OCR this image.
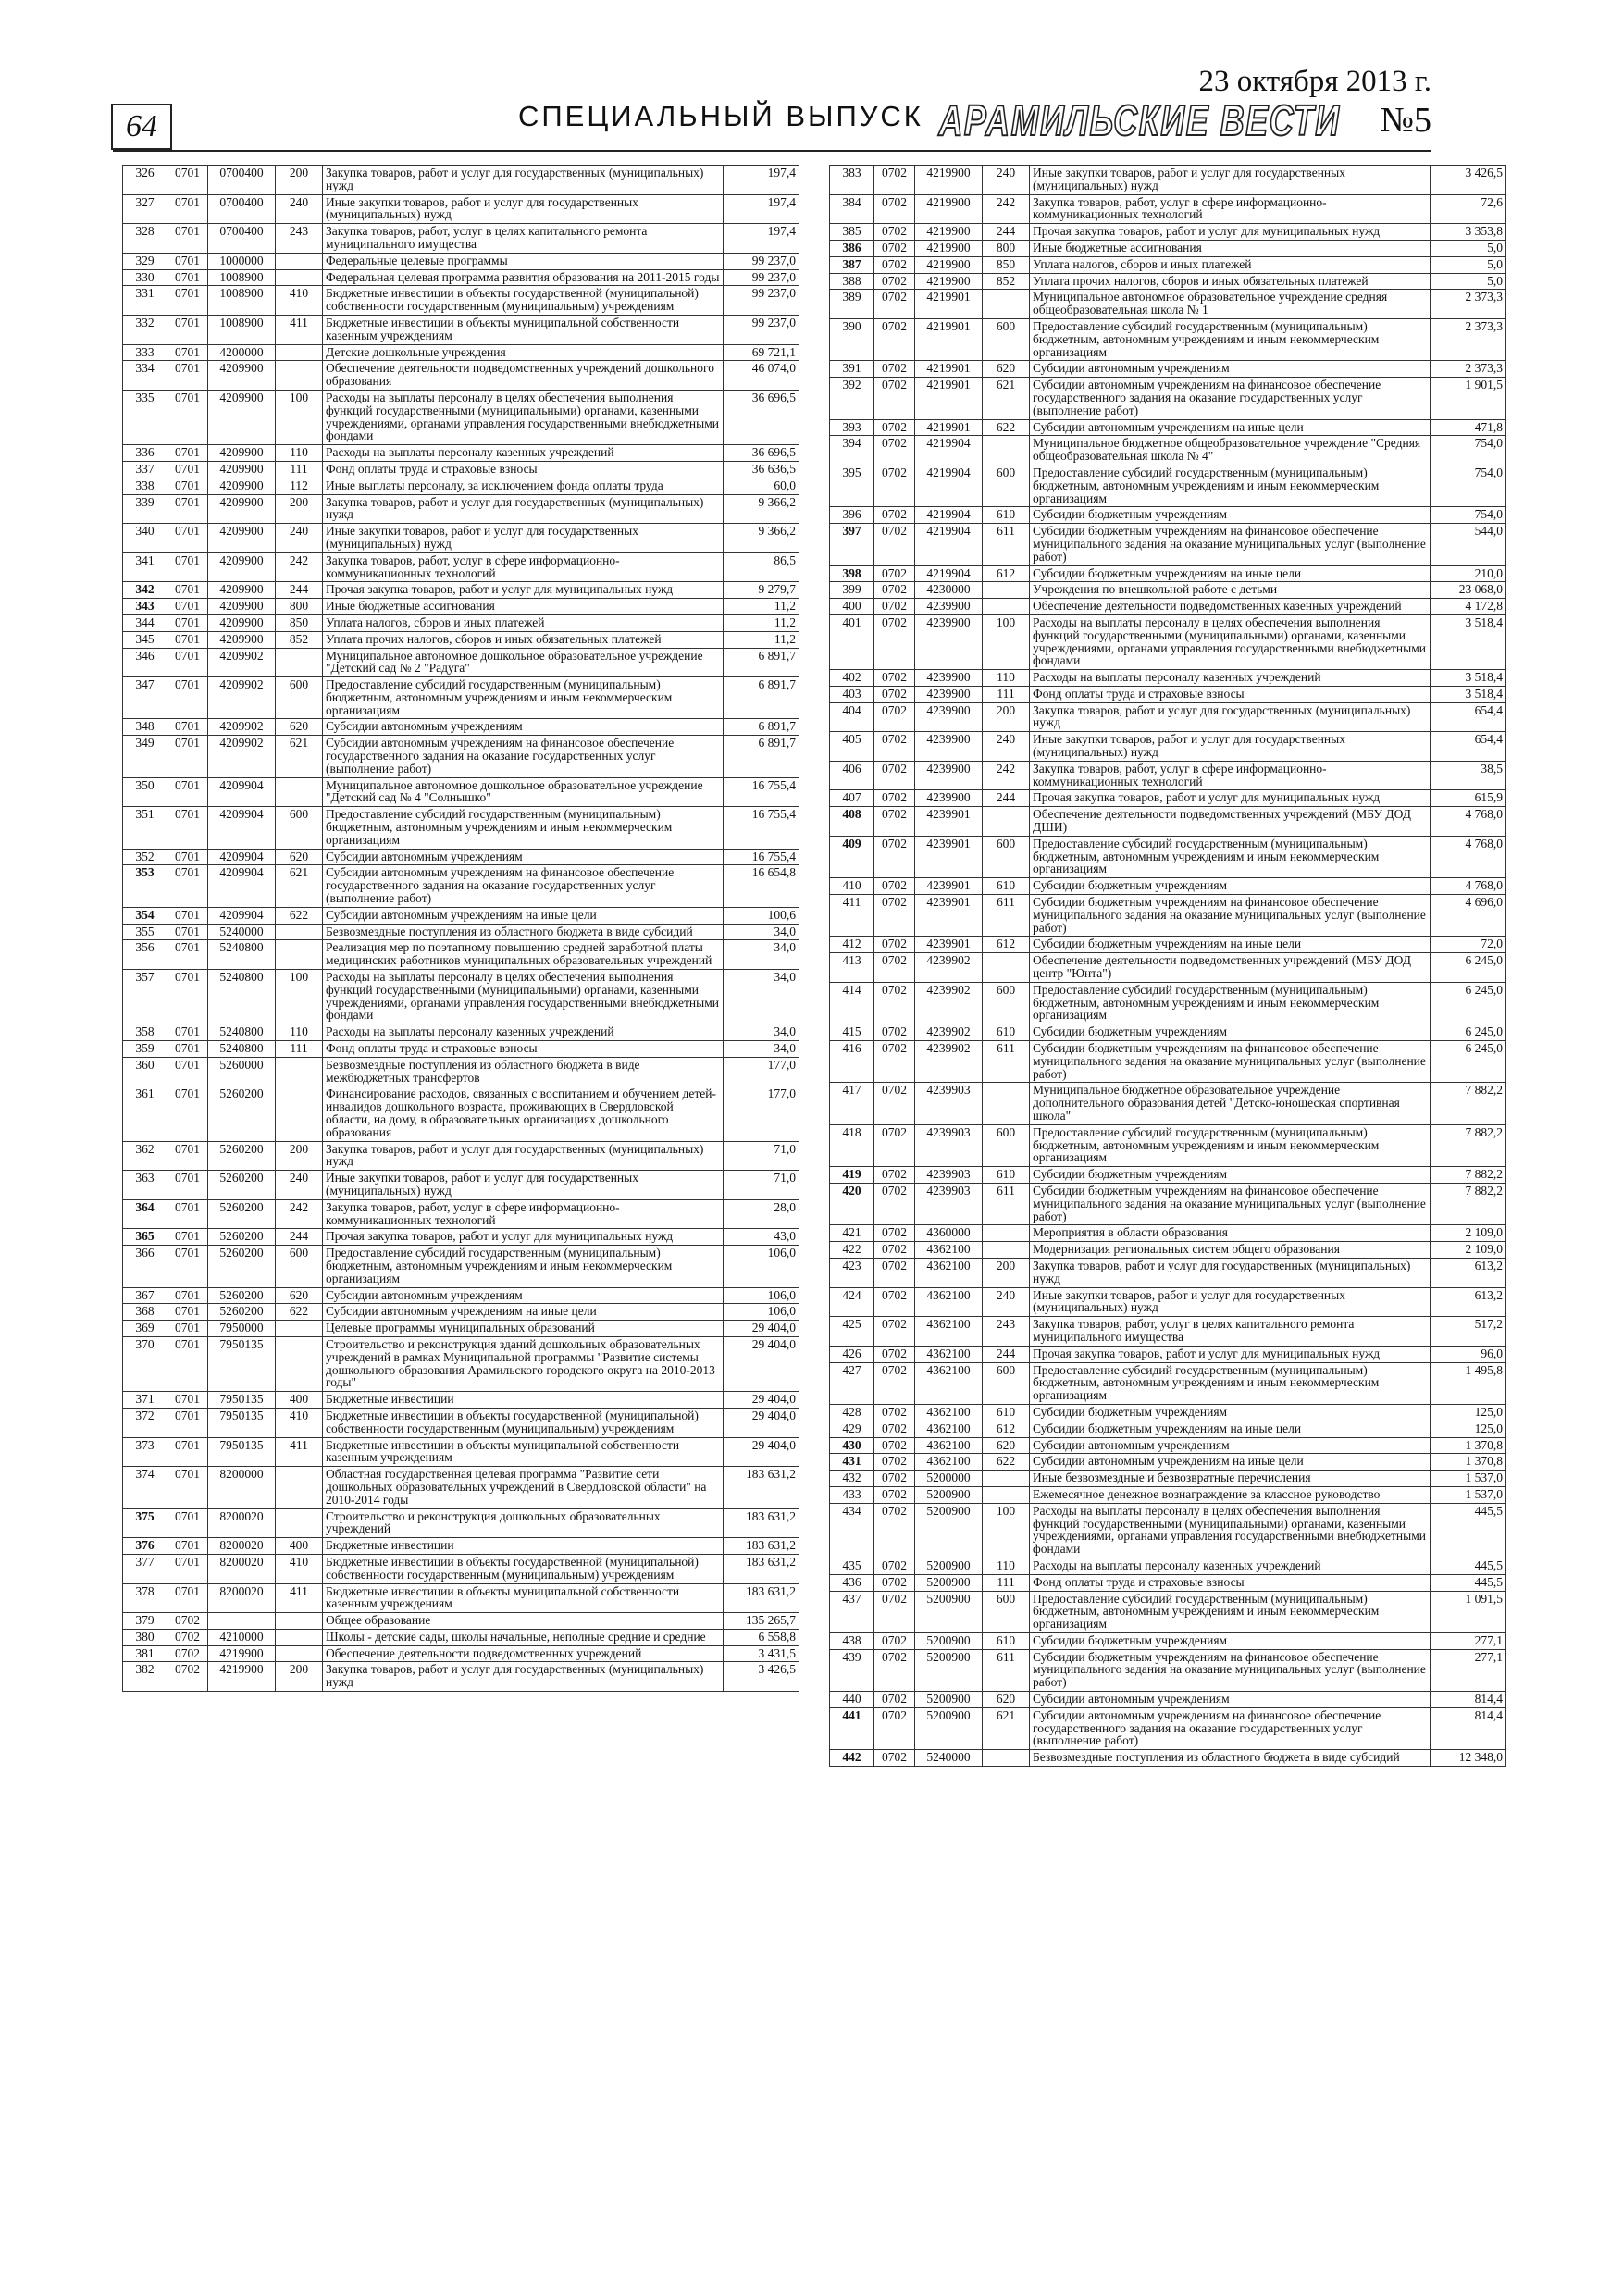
64	СПЕЦИАЛЬНЫЙ ВЫПУСК
23 октября 2013 г.
АРАМИЛЬСКИЕ ВЕСТИ №5
326	0701	0700400	200	Закупка товаров, работ и услуг для государственных (муниципальных) нужд	197,4
327	0701	0700400	240	Иные закупки товаров, работ и услуг для государственных (муниципальных) нужд	197,4
328	0701	0700400	243	Закупка товаров, работ, услуг в целях капитального ремонта муниципального имущества	197,4
329	0701	1000000		Федеральные целевые программы	99 237,0
330	0701	1008900		Федеральная целевая программа развития образования на 2011-2015 годы	99 237,0
331	0701	1008900	410	Бюджетные инвестиции в объекты государственной (муниципальной) собственности государственным (муниципальным) учреждениям	99 237,0
332	0701	1008900	411	Бюджетные инвестиции в объекты муниципальной собственности казенным учреждениям	99 237,0
333	0701	4200000		Детские дошкольные учреждения	69 721,1
334	0701	4209900		Обеспечение деятельности подведомственных учреждений дошкольного образования	46 074,0
335	0701	4209900	100	Расходы на выплаты персоналу в целях обеспечения выполнения функций государственными (муниципальными) органами, казенными учреждениями, органами управления государственными внебюджетными фондами	36 696,5
336	0701	4209900	110	Расходы на выплаты персоналу казенных учреждений	36 696,5
337	0701	4209900	111	Фонд оплаты труда и страховые взносы	36 636,5
338	0701	4209900	112	Иные выплаты персоналу, за исключением фонда оплаты труда	60,0
339	0701	4209900	200	Закупка товаров, работ и услуг для государственных (муниципальных) нужд	9 366,2
340	0701	4209900	240	Иные закупки товаров, работ и услуг для государственных (муниципальных) нужд	9 366,2
341	0701	4209900	242	Закупка товаров, работ, услуг в сфере информационно-коммуникационных технологий	86,5
342	0701	4209900	244	Прочая закупка товаров, работ и услуг для муниципальных нужд	9 279,7
343	0701	4209900	800	Иные бюджетные ассигнования	11,2
344	0701	4209900	850	Уплата налогов, сборов и иных платежей	11,2
345	0701	4209900	852	Уплата прочих налогов, сборов и иных обязательных платежей	11,2
346	0701	4209902		Муниципальное автономное дошкольное образовательное учреждение "Детский сад № 2 "Радуга"	6 891,7
347	0701	4209902	600	Предоставление субсидий государственным (муниципальным) бюджетным, автономным учреждениям и иным некоммерческим организациям	6 891,7
348	0701	4209902	620	Субсидии автономным учреждениям	6 891,7
349	0701	4209902	621	Субсидии автономным учреждениям на финансовое обеспечение государственного задания на оказание государственных услуг (выполнение работ)	6 891,7
350	0701	4209904		Муниципальное автономное дошкольное образовательное учреждение "Детский сад № 4 "Солнышко"	16 755,4
351	0701	4209904	600	Предоставление субсидий государственным (муниципальным) бюджетным, автономным учреждениям и иным некоммерческим организациям	16 755,4
352	0701	4209904	620	Субсидии автономным учреждениям	16 755,4
353	0701	4209904	621	Субсидии автономным учреждениям на финансовое обеспечение государственного задания на оказание государственных услуг (выполнение работ)	16 654,8
354	0701	4209904	622	Субсидии автономным учреждениям на иные цели	100,6
355	0701	5240000		Безвозмездные поступления из областного бюджета в виде субсидий	34,0
356	0701	5240800		Реализация мер по поэтапному повышению средней заработной платы медицинских работников муниципальных образовательных учреждений	34,0
357	0701	5240800	100	Расходы на выплаты персоналу в целях обеспечения выполнения функций государственными (муниципальными) органами, казенными учреждениями, органами управления государственными внебюджетными фондами	34,0
358	0701	5240800	110	Расходы на выплаты персоналу казенных учреждений	34,0
359	0701	5240800	111	Фонд оплаты труда и страховые взносы	34,0
360	0701	5260000		Безвозмездные поступления из областного бюджета в виде межбюджетных трансфертов	177,0
361	0701	5260200		Финансирование расходов, связанных с воспитанием и обучением детей-инвалидов дошкольного возраста, проживающих в Свердловской области, на дому, в образовательных организациях дошкольного образования	177,0
362	0701	5260200	200	Закупка товаров, работ и услуг для государственных (муниципальных) нужд	71,0
363	0701	5260200	240	Иные закупки товаров, работ и услуг для государственных (муниципальных) нужд	71,0
364	0701	5260200	242	Закупка товаров, работ, услуг в сфере информационно-коммуникационных технологий	28,0
365	0701	5260200	244	Прочая закупка товаров, работ и услуг для муниципальных нужд	43,0
366	0701	5260200	600	Предоставление субсидий государственным (муниципальным) бюджетным, автономным учреждениям и иным некоммерческим организациям	106,0
367	0701	5260200	620	Субсидии автономным учреждениям	106,0
368	0701	5260200	622	Субсидии автономным учреждениям на иные цели	106,0
369	0701	7950000		Целевые программы муниципальных образований	29 404,0
370	0701	7950135		Строительство и реконструкция зданий дошкольных образовательных учреждений в рамках Муниципальной программы "Развитие системы дошкольного образования Арамильского городского округа на 2010-2013 годы"	29 404,0
371	0701	7950135	400	Бюджетные инвестиции	29 404,0
372	0701	7950135	410	Бюджетные инвестиции в объекты государственной (муниципальной) собственности государственным (муниципальным) учреждениям	29 404,0
373	0701	7950135	411	Бюджетные инвестиции в объекты муниципальной собственности казенным учреждениям	29 404,0
374	0701	8200000		Областная государственная целевая программа "Развитие сети дошкольных образовательных учреждений в Свердловской области" на 2010-2014 годы	183 631,2
375	0701	8200020		Строительство и реконструкция дошкольных образовательных учреждений	183 631,2
376	0701	8200020	400	Бюджетные инвестиции	183 631,2
377	0701	8200020	410	Бюджетные инвестиции в объекты государственной (муниципальной) собственности государственным (муниципальным) учреждениям	183 631,2
378	0701	8200020	411	Бюджетные инвестиции в объекты муниципальной собственности казенным учреждениям	183 631,2
379	0702			Общее образование	135 265,7
380	0702	4210000		Школы - детские сады, школы начальные, неполные средние и средние	6 558,8
381	0702	4219900		Обеспечение деятельности подведомственных учреждений	3 431,5
382	0702	4219900	200	Закупка товаров, работ и услуг для государственных (муниципальных) нужд	3 426,5
383	0702	4219900	240	Иные закупки товаров, работ и услуг для государственных (муниципальных) нужд	3 426,5
384	0702	4219900	242	Закупка товаров, работ, услуг в сфере информационно-коммуникационных технологий	72,6
385	0702	4219900	244	Прочая закупка товаров, работ и услуг для муниципальных нужд	3 353,8
386	0702	4219900	800	Иные бюджетные ассигнования	5,0
387	0702	4219900	850	Уплата налогов, сборов и иных платежей	5,0
388	0702	4219900	852	Уплата прочих налогов, сборов и иных обязательных платежей	5,0
389	0702	4219901		Муниципальное автономное образовательное учреждение средняя общеобразовательная школа № 1	2 373,3
390	0702	4219901	600	Предоставление субсидий государственным (муниципальным) бюджетным, автономным учреждениям и иным некоммерческим организациям	2 373,3
391	0702	4219901	620	Субсидии автономным учреждениям	2 373,3
392	0702	4219901	621	Субсидии автономным учреждениям на финансовое обеспечение государственного задания на оказание государственных услуг (выполнение работ)	1 901,5
393	0702	4219901	622	Субсидии автономным учреждениям на иные цели	471,8
394	0702	4219904		Муниципальное бюджетное общеобразовательное учреждение "Средняя общеобразовательная школа № 4"	754,0
395	0702	4219904	600	Предоставление субсидий государственным (муниципальным) бюджетным, автономным учреждениям и иным некоммерческим организациям	754,0
396	0702	4219904	610	Субсидии бюджетным учреждениям	754,0
397	0702	4219904	611	Субсидии бюджетным учреждениям на финансовое обеспечение муниципального задания на оказание муниципальных услуг (выполнение работ)	544,0
398	0702	4219904	612	Субсидии бюджетным учреждениям на иные цели	210,0
399	0702	4230000		Учреждения по внешкольной работе с детьми	23 068,0
400	0702	4239900		Обеспечение деятельности подведомственных казенных учреждений	4 172,8
401	0702	4239900	100	Расходы на выплаты персоналу в целях обеспечения выполнения функций государственными (муниципальными) органами, казенными учреждениями, органами управления государственными внебюджетными фондами	3 518,4
402	0702	4239900	110	Расходы на выплаты персоналу казенных учреждений	3 518,4
403	0702	4239900	111	Фонд оплаты труда и страховые взносы	3 518,4
404	0702	4239900	200	Закупка товаров, работ и услуг для государственных (муниципальных) нужд	654,4
405	0702	4239900	240	Иные закупки товаров, работ и услуг для государственных (муниципальных) нужд	654,4
406	0702	4239900	242	Закупка товаров, работ, услуг в сфере информационно-коммуникационных технологий	38,5
407	0702	4239900	244	Прочая закупка товаров, работ и услуг для муниципальных нужд	615,9
408	0702	4239901		Обеспечение деятельности подведомственных учреждений (МБУ ДОД ДШИ)	4 768,0
409	0702	4239901	600	Предоставление субсидий государственным (муниципальным) бюджетным, автономным учреждениям и иным некоммерческим организациям	4 768,0
410	0702	4239901	610	Субсидии бюджетным учреждениям	4 768,0
411	0702	4239901	611	Субсидии бюджетным учреждениям на финансовое обеспечение муниципального задания на оказание муниципальных услуг (выполнение работ)	4 696,0
412	0702	4239901	612	Субсидии бюджетным учреждениям на иные цели	72,0
413	0702	4239902		Обеспечение деятельности подведомственных учреждений (МБУ ДОД центр "Юнта")	6 245,0
414	0702	4239902	600	Предоставление субсидий государственным (муниципальным) бюджетным, автономным учреждениям и иным некоммерческим организациям	6 245,0
415	0702	4239902	610	Субсидии бюджетным учреждениям	6 245,0
416	0702	4239902	611	Субсидии бюджетным учреждениям на финансовое обеспечение муниципального задания на оказание муниципальных услуг (выполнение работ)	6 245,0
417	0702	4239903		Муниципальное бюджетное образовательное учреждение дополнительного образования детей "Детско-юношеская спортивная школа"	7 882,2
418	0702	4239903	600	Предоставление субсидий государственным (муниципальным) бюджетным, автономным учреждениям и иным некоммерческим организациям	7 882,2
419	0702	4239903	610	Субсидии бюджетным учреждениям	7 882,2
420	0702	4239903	611	Субсидии бюджетным учреждениям на финансовое обеспечение муниципального задания на оказание муниципальных услуг (выполнение работ)	7 882,2
421	0702	4360000		Мероприятия в области образования	2 109,0
422	0702	4362100		Модернизация региональных систем общего образования	2 109,0
423	0702	4362100	200	Закупка товаров, работ и услуг для государственных (муниципальных) нужд	613,2
424	0702	4362100	240	Иные закупки товаров, работ и услуг для государственных (муниципальных) нужд	613,2
425	0702	4362100	243	Закупка товаров, работ, услуг в целях капитального ремонта муниципального имущества	517,2
426	0702	4362100	244	Прочая закупка товаров, работ и услуг для муниципальных нужд	96,0
427	0702	4362100	600	Предоставление субсидий государственным (муниципальным) бюджетным, автономным учреждениям и иным некоммерческим организациям	1 495,8
428	0702	4362100	610	Субсидии бюджетным учреждениям	125,0
429	0702	4362100	612	Субсидии бюджетным учреждениям на иные цели	125,0
430	0702	4362100	620	Субсидии автономным учреждениям	1 370,8
431	0702	4362100	622	Субсидии автономным учреждениям на иные цели	1 370,8
432	0702	5200000		Иные безвозмездные и безвозвратные перечисления	1 537,0
433	0702	5200900		Ежемесячное денежное вознаграждение за классное руководство	1 537,0
434	0702	5200900	100	Расходы на выплаты персоналу в целях обеспечения выполнения функций государственными (муниципальными) органами, казенными учреждениями, органами управления государственными внебюджетными фондами	445,5
435	0702	5200900	110	Расходы на выплаты персоналу казенных учреждений	445,5
436	0702	5200900	111	Фонд оплаты труда и страховые взносы	445,5
437	0702	5200900	600	Предоставление субсидий государственным (муниципальным) бюджетным, автономным учреждениям и иным некоммерческим организациям	1 091,5
438	0702	5200900	610	Субсидии бюджетным учреждениям	277,1
439	0702	5200900	611	Субсидии бюджетным учреждениям на финансовое обеспечение муниципального задания на оказание муниципальных услуг (выполнение работ)	277,1
440	0702	5200900	620	Субсидии автономным учреждениям	814,4
441	0702	5200900	621	Субсидии автономным учреждениям на финансовое обеспечение государственного задания на оказание государственных услуг (выполнение работ)	814,4
442	0702	5240000		Безвозмездные поступления из областного бюджета в виде субсидий	12 348,0
